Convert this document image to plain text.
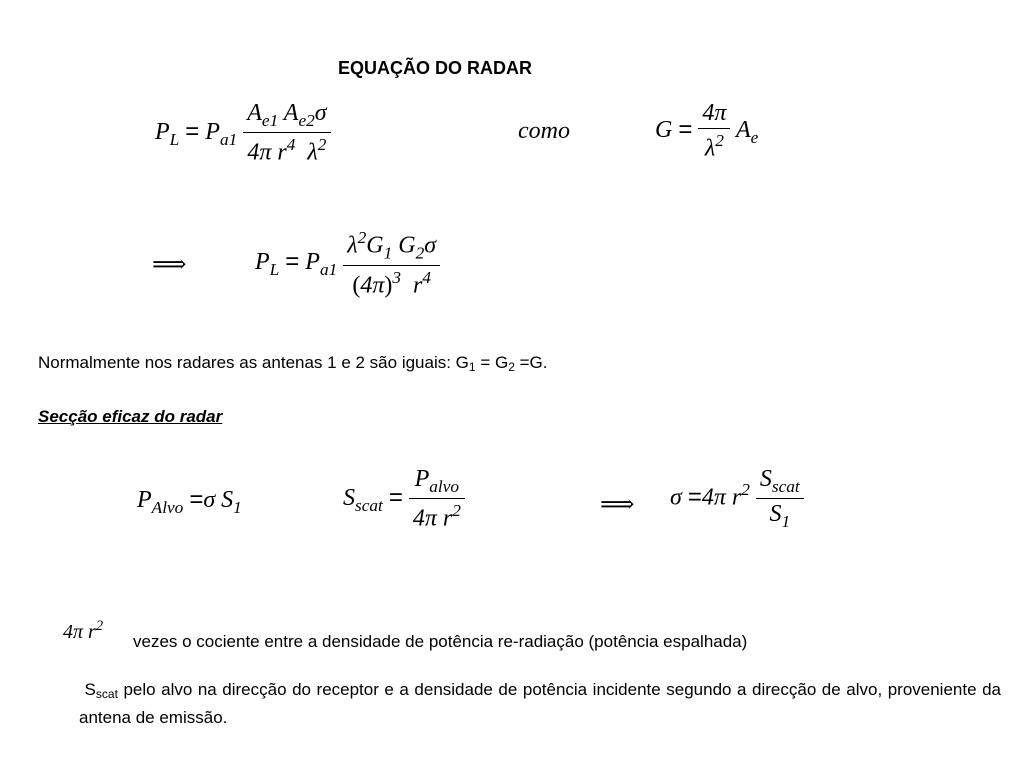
EQUAÇÃO DO RADAR
$P_L = P_{a1} \frac{A_{e1} A_{e2}\sigma}{4\pi r^4 \lambda^2}$	como	$G = \frac{4\pi}{\lambda^2} A_e$
⟹	$P_L = P_{a1} \frac{\lambda^2G_1 G_2\sigma}{(4\pi)^3 r^4}$
Normalmente nos radares as antenas 1 e 2 são iguais: G1 = G2 =G.
Secção eficaz do radar
$P_{Alvo} =\sigma$ $S_1$	$S_{scat} = \frac{P_{alvo}}{4\pi r^2}$	⟹ σ =4π $r^2 \frac{S_{scat}}{S_1}$
4π $r^2$
vezes o cociente entre a densidade de potência re-radiação (potência espalhada)
Sscat pelo alvo na direcção do receptor e a densidade de potência incidente segundo a direcção de alvo, proveniente da antena de emissão.
